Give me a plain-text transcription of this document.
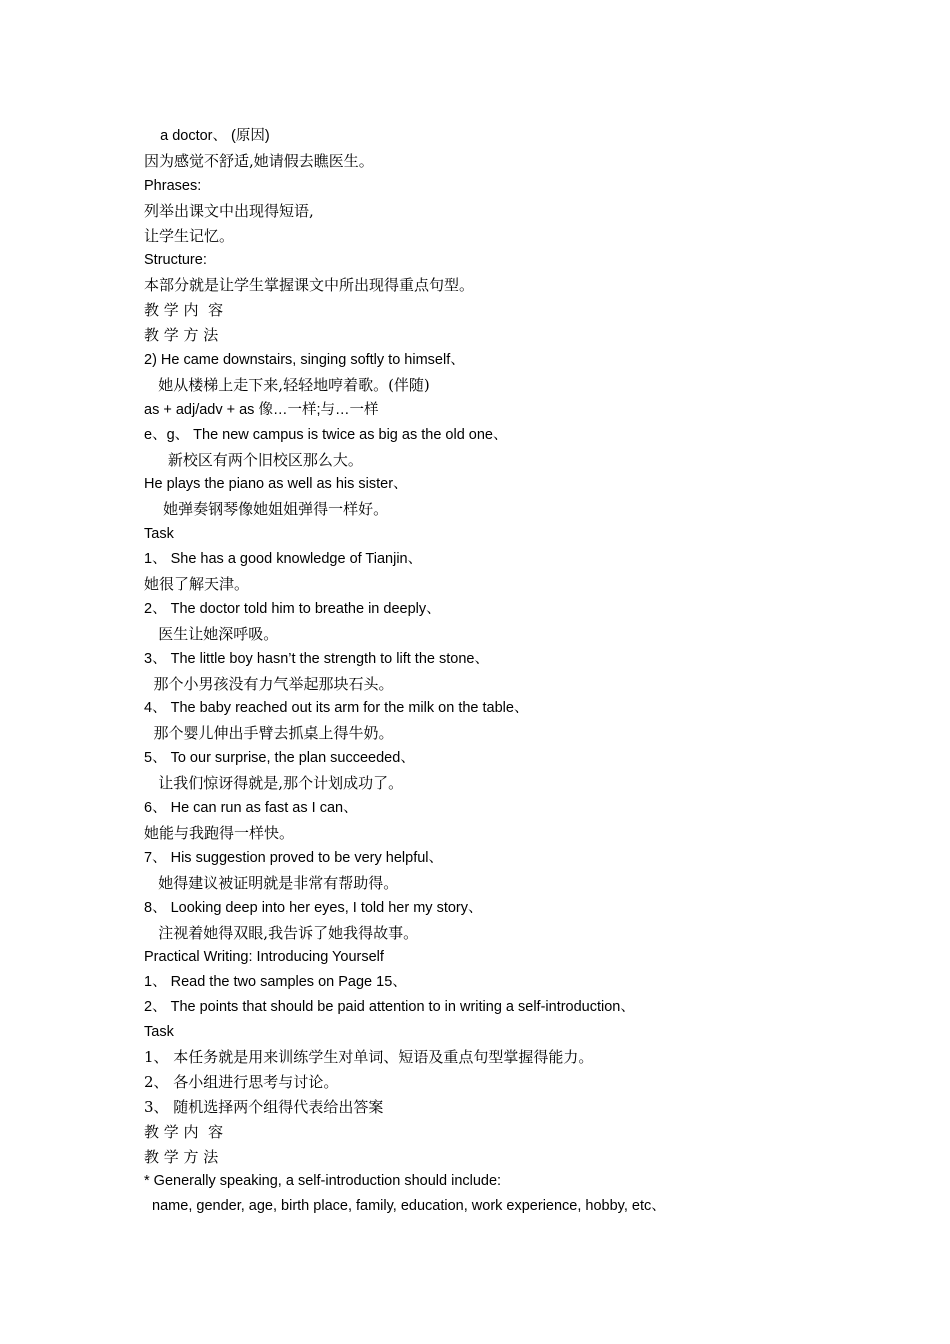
a doctor、 (原因)
因为感觉不舒适,她请假去瞧医生。
Phrases:
列举出课文中出现得短语,
让学生记忆。
Structure:
本部分就是让学生掌握课文中所出现得重点句型。
教 学 内  容
教 学 方 法
2) He came downstairs, singing softly to himself、
她从楼梯上走下来,轻轻地哼着歌。(伴随)
as + adj/adv + as 像…一样;与…一样
e、g、 The new campus is twice as big as the old one、
新校区有两个旧校区那么大。
He plays the piano as well as his sister、
她弹奏钢琴像她姐姐弹得一样好。
Task
1、 She has a good knowledge of Tianjin、
她很了解天津。
2、 The doctor told him to breathe in deeply、
医生让她深呼吸。
3、 The little boy hasn’t the strength to lift the stone、
那个小男孩没有力气举起那块石头。
4、 The baby reached out its arm for the milk on the table、
那个婴儿伸出手臂去抓桌上得牛奶。
5、 To our surprise, the plan succeeded、
让我们惊讶得就是,那个计划成功了。
6、 He can run as fast as I can、
她能与我跑得一样快。
7、 His suggestion proved to be very helpful、
她得建议被证明就是非常有帮助得。
8、 Looking deep into her eyes, I told her my story、
注视着她得双眼,我告诉了她我得故事。
Practical Writing: Introducing Yourself
1、 Read the two samples on Page 15、
2、 The points that should be paid attention to in writing a self-introduction、
Task
1、 本任务就是用来训练学生对单词、短语及重点句型掌握得能力。
2、 各小组进行思考与讨论。
3、 随机选择两个组得代表给出答案
教 学 内  容
教 学 方 法
* Generally speaking, a self-introduction should include:
name, gender, age, birth place, family, education, work experience, hobby, etc、
